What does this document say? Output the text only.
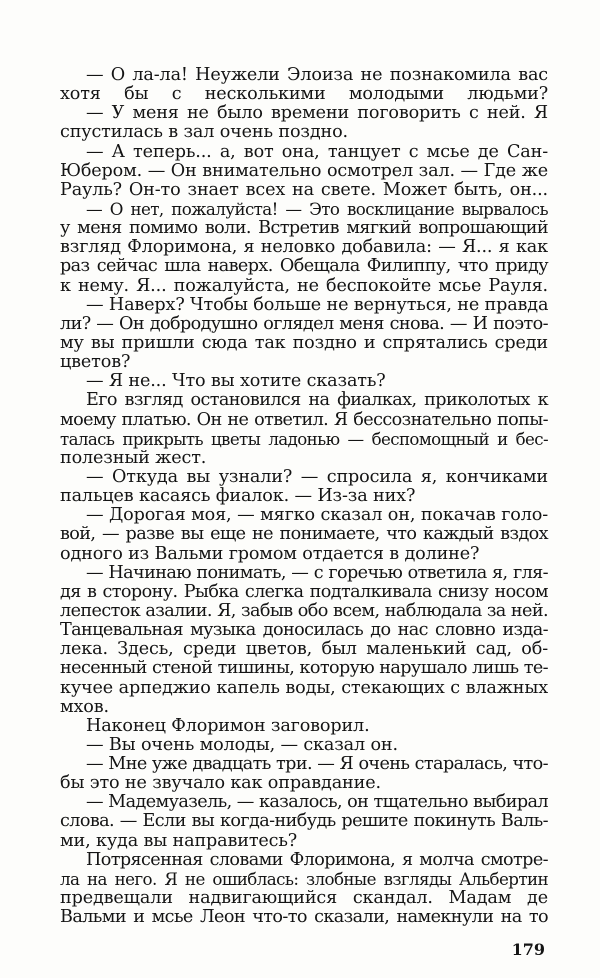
— О ла-ла! Неужели Элоиза не познакомила вас
хотя бы с несколькими молодыми людьми?
— У меня не было времени поговорить с ней. Я
спустилась в зал очень поздно.
— А теперь... а, вот она, танцует с мсье де Сан-
Юбером. — Он внимательно осмотрел зал. — Где же
Рауль? Он-то знает всех на свете. Может быть, он...
— О нет, пожалуйста! — Это восклицание вырвалось
у меня помимо воли. Встретив мягкий вопрошающий
взгляд Флоримона, я неловко добавила: — Я... я как
раз сейчас шла наверх. Обещала Филиппу, что приду
к нему. Я... пожалуйста, не беспокойте мсье Рауля.
— Наверх? Чтобы больше не вернуться, не правда
ли? — Он добродушно оглядел меня снова. — И поэто-
му вы пришли сюда так поздно и спрятались среди
цветов?
— Я не... Что вы хотите сказать?
Его взгляд остановился на фиалках, приколотых к
моему платью. Он не ответил. Я бессознательно попы-
талась прикрыть цветы ладонью — беспомощный и бес-
полезный жест.
— Откуда вы узнали? — спросила я, кончиками
пальцев касаясь фиалок. — Из-за них?
— Дорогая моя, — мягко сказал он, покачав голо-
вой, — разве вы еще не понимаете, что каждый вздох
одного из Вальми громом отдается в долине?
— Начинаю понимать, — с горечью ответила я, гля-
дя в сторону. Рыбка слегка подталкивала снизу носом
лепесток азалии. Я, забыв обо всем, наблюдала за ней.
Танцевальная музыка доносилась до нас словно изда-
лека. Здесь, среди цветов, был маленький сад, об-
несенный стеной тишины, которую нарушало лишь те-
кучее арпеджио капель воды, стекающих с влажных
мхов.
Наконец Флоримон заговорил.
— Вы очень молоды, — сказал он.
— Мне уже двадцать три. — Я очень старалась, что-
бы это не звучало как оправдание.
— Мадемуазель, — казалось, он тщательно выбирал
слова. — Если вы когда-нибудь решите покинуть Валь-
ми, куда вы направитесь?
Потрясенная словами Флоримона, я молча смотре-
ла на него. Я не ошиблась: злобные взгляды Альбертин
предвещали надвигающийся скандал. Мадам де
Вальми и мсье Леон что-то сказали, намекнули на то
179
